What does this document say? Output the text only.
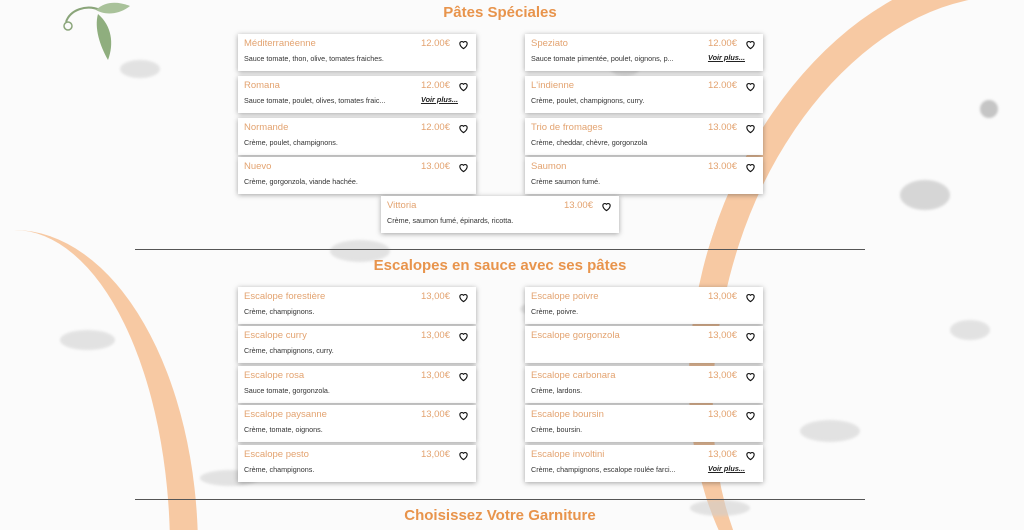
Pâtes Spéciales
Méditerranéenne	12.00€
Sauce tomate, thon, olive, tomates fraiches.
Speziato	12.00€
Sauce tomate pimentée, poulet, oignons, p...	Voir plus...
Romana	12.00€
Sauce tomate, poulet, olives, tomates fraic...	Voir plus...
L'indienne	12.00€
Crème, poulet, champignons, curry.
Normande	12.00€
Crème, poulet, champignons.
Trio de fromages	13.00€
Crème, cheddar, chèvre, gorgonzola
Nuevo	13.00€
Crème, gorgonzola, viande hachée.
Saumon	13.00€
Crème saumon fumé.
Vittoria	13.00€
Crème, saumon fumé, épinards, ricotta.
Escalopes en sauce avec ses pâtes
Escalope forestière	13,00€
Crème, champignons.
Escalope poivre	13,00€
Crème, poivre.
Escalope curry	13,00€
Crème, champignons, curry.
Escalope gorgonzola	13,00€
Escalope rosa	13,00€
Sauce tomate, gorgonzola.
Escalope carbonara	13,00€
Crème, lardons.
Escalope paysanne	13,00€
Crème, tomate, oignons.
Escalope boursin	13,00€
Crème, boursin.
Escalope pesto	13,00€
Crème, champignons.
Escalope involtini	13,00€
Crème, champignons, escalope roulée farci...	Voir plus...
Choisissez Votre Garniture
